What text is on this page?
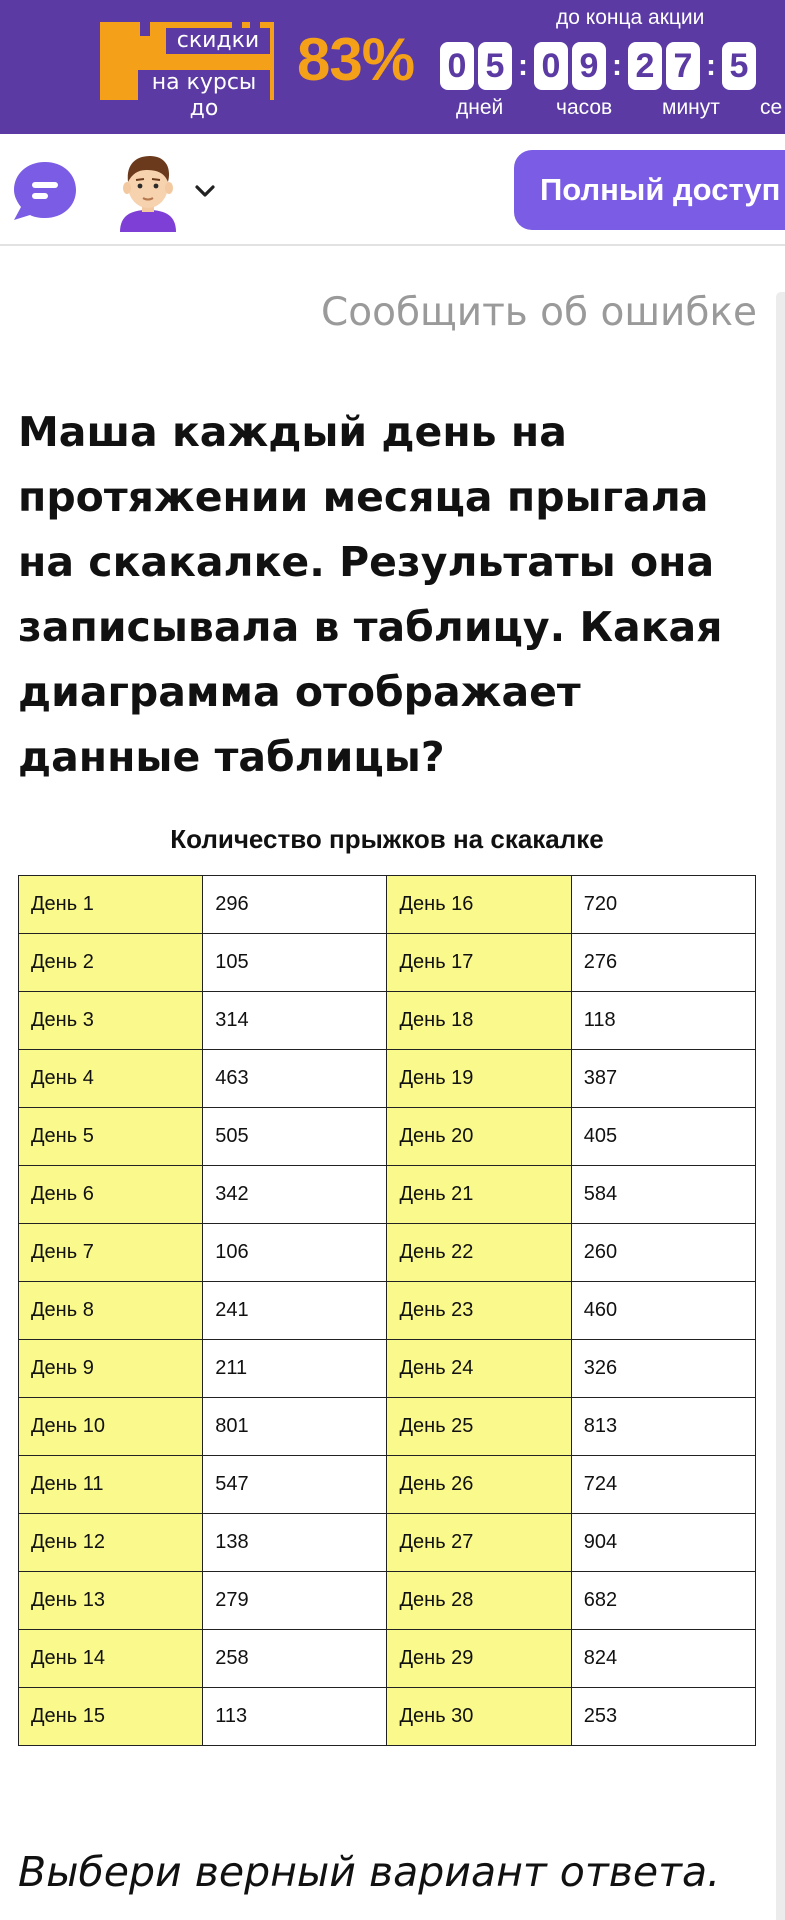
скидки
на курсы до
83%
до конца акции
0 5 : 0 9 : 2 7 : 5
дней	часов минут се
Полный доступ
Сообщить об ошибке
Маша каждый день на протяжении месяца прыгала на скакалке. Результаты она записывала в таблицу. Какая диаграмма отображает данные таблицы?
Количество прыжков на скакалке
День 1	296	День 16	720
День 2	105	День 17	276
День 3	314	День 18	118
День 4	463	День 19	387
День 5	505	День 20	405
День 6	342	День 21	584
День 7	106	День 22	260
День 8	241	День 23	460
День 9	211	День 24	326
День 10	801	День 25	813
День 11	547	День 26	724
День 12	138	День 27	904
День 13	279	День 28	682
День 14	258	День 29	824
День 15	113	День 30	253
Выбери верный вариант ответа.
